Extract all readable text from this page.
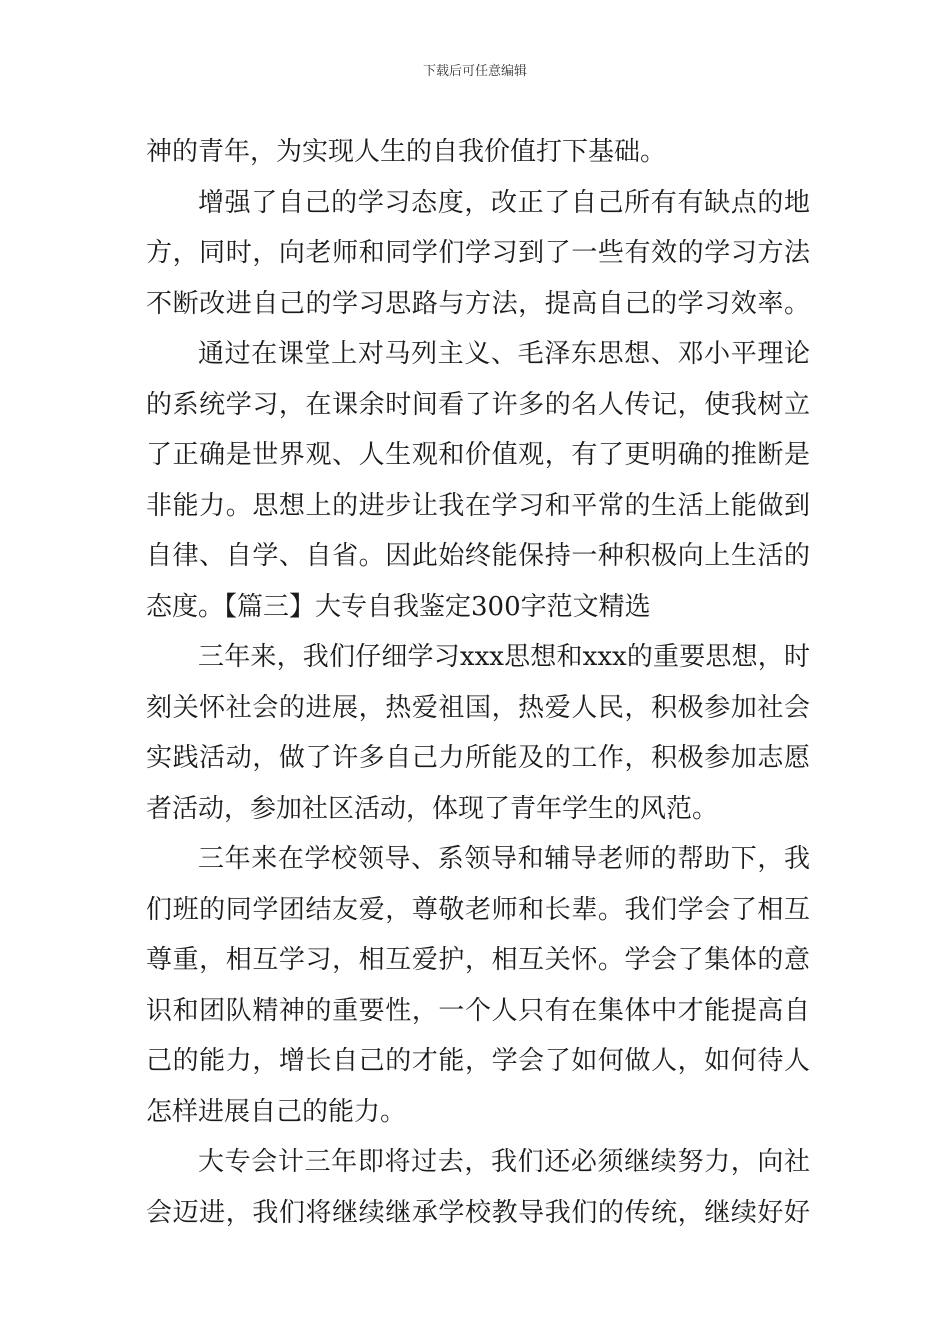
下载后可任意编辑
神的青年，为实现人生的自我价值打下基础。
增强了自己的学习态度，改正了自己所有有缺点的地
方，同时，向老师和同学们学习到了一些有效的学习方法
不断改进自己的学习思路与方法，提高自己的学习效率。
通过在课堂上对马列主义、毛泽东思想、邓小平理论
的系统学习，在课余时间看了许多的名人传记，使我树立
了正确是世界观、人生观和价值观，有了更明确的推断是
非能力。思想上的进步让我在学习和平常的生活上能做到
自律、自学、自省。因此始终能保持一种积极向上生活的
态度。【篇三】大专自我鉴定300字范文精选
三年来，我们仔细学习xxx思想和xxx的重要思想，时
刻关怀社会的进展，热爱祖国，热爱人民，积极参加社会
实践活动，做了许多自己力所能及的工作，积极参加志愿
者活动，参加社区活动，体现了青年学生的风范。
三年来在学校领导、系领导和辅导老师的帮助下，我
们班的同学团结友爱，尊敬老师和长辈。我们学会了相互
尊重，相互学习，相互爱护，相互关怀。学会了集体的意
识和团队精神的重要性，一个人只有在集体中才能提高自
己的能力，增长自己的才能，学会了如何做人，如何待人
怎样进展自己的能力。
大专会计三年即将过去，我们还必须继续努力，向社
会迈进，我们将继续继承学校教导我们的传统，继续好好
